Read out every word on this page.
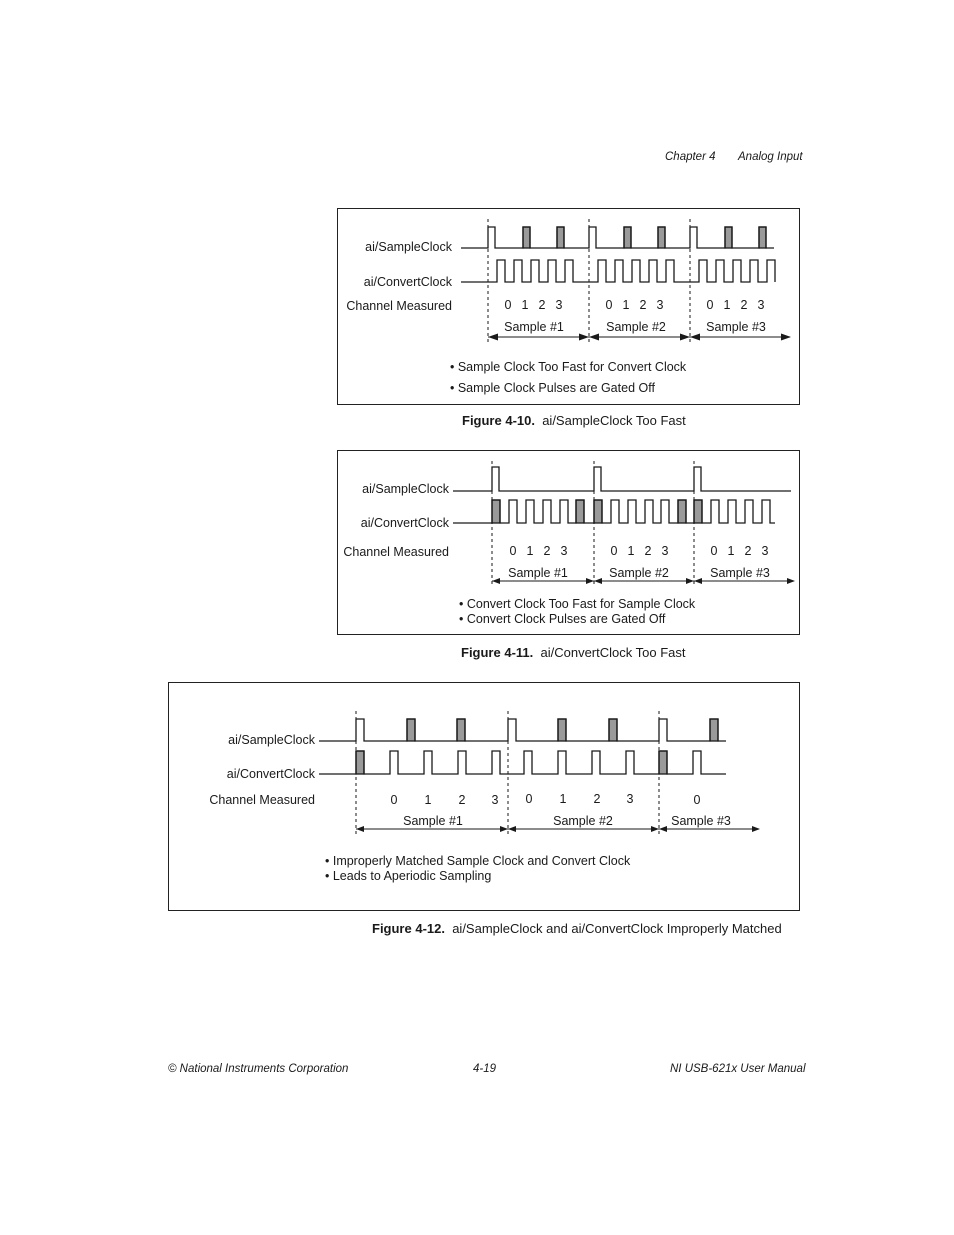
Chapter 4 Analog Input
ai/SampleClock
ai/ConvertClock
Channel Measured	0 1 2 3	0 1 2 3	0 1 2 3
Sample #1	Sample #2	Sample #3
• Sample Clock Too Fast for Convert Clock
• Sample Clock Pulses are Gated Off
Figure 4-10. ai/SampleClock Too Fast
ai/SampleClock
ai/ConvertClock
Channel Measured	0 1 2 3	0 1 2 3	0 1 2 3
Sample #1	Sample #2	Sample #3
• Convert Clock Too Fast for Sample Clock
• Convert Clock Pulses are Gated Off
Figure 4-11. ai/ConvertClock Too Fast
ai/SampleClock
ai/ConvertClock
Channel Measured	0 1 2 3 0 1 2 3	0
Sample #1	Sample #2	Sample #3
• Improperly Matched Sample Clock and Convert Clock
• Leads to Aperiodic Sampling
Figure 4-12. ai/SampleClock and ai/ConvertClock Improperly Matched
© National Instruments Corporation	4-19	NI USB-621x User Manual
